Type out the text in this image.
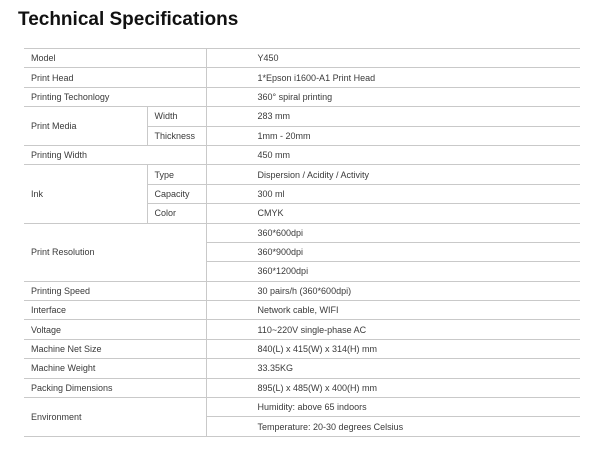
Technical Specifications
Model		Y450
Print Head		1*Epson i1600-A1 Print Head
Printing Techonlogy		360° spiral printing
Print Media	Width	283 mm
	Thickness	1mm - 20mm
Printing Width		450 mm
Ink	Type	Dispersion / Acidity / Activity
	Capacity	300 ml
	Color	CMYK
Print Resolution		360*600dpi
		360*900dpi
		360*1200dpi
Printing Speed		30 pairs/h (360*600dpi)
Interface		Network cable, WIFI
Voltage		110~220V single-phase AC
Machine Net Size		840(L) x 415(W) x 314(H) mm
Machine Weight		33.35KG
Packing Dimensions		895(L) x 485(W) x 400(H) mm
Environment		Humidity: above 65 indoors
		Temperature: 20-30 degrees Celsius
